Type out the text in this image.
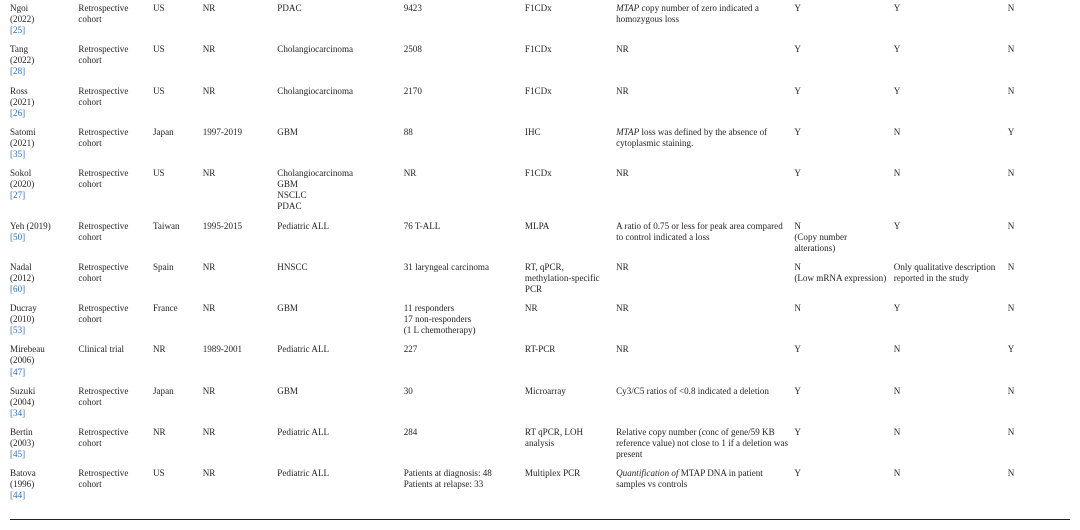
Ngoi
(2022)
[25]	Retrospective cohort	US	NR	PDAC	9423	F1CDx	MTAP copy number of zero indicated a homozygous loss	Y	Y	N

Tang
(2022)
[28]	Retrospective cohort	US	NR	Cholangiocarcinoma	2508	F1CDx	NR	Y	Y	N

Ross
(2021)
[26]	Retrospective cohort	US	NR	Cholangiocarcinoma	2170	F1CDx	NR	Y	Y	N

Satomi
(2021)
[35]	Retrospective cohort	Japan	1997-2019	GBM	88	IHC	MTAP loss was defined by the absence of cytoplasmic staining.	Y	N	Y

Sokol
(2020)
[27]	Retrospective cohort	US	NR	Cholangiocarcinoma
GBM
NSCLC
PDAC	NR	F1CDx	NR	Y	N	N

Yeh (2019)
[50]	Retrospective cohort	Taiwan	1995-2015	Pediatric ALL	76 T-ALL	MLPA	A ratio of 0.75 or less for peak area compared to control indicated a loss	N
(Copy number alterations)	Y	N

Nadal
(2012)
[60]	Retrospective cohort	Spain	NR	HNSCC	31 laryngeal carcinoma	RT, qPCR, methylation-specific PCR	NR	N
(Low mRNA expression)	Only qualitative description reported in the study	N

Ducray
(2010)
[53]	Retrospective cohort	France	NR	GBM	11 responders
17 non-responders
(1 L chemotherapy)	NR	NR	N	Y	N

Mirebeau
(2006)
[47]	Clinical trial	NR	1989-2001	Pediatric ALL	227	RT-PCR	NR	Y	N	Y

Suzuki
(2004)
[34]	Retrospective cohort	Japan	NR	GBM	30	Microarray	Cy3/C5 ratios of <0.8 indicated a deletion	Y	N	N

Bertin
(2003)
[45]	Retrospective cohort	NR	NR	Pediatric ALL	284	RT qPCR, LOH analysis	Relative copy number (conc of gene/59 KB reference value) not close to 1 if a deletion was present	Y	N	N

Batova
(1996)
[44]	Retrospective cohort	US	NR	Pediatric ALL	Patients at diagnosis: 48
Patients at relapse: 33	Multiplex PCR	Quantification of MTAP DNA in patient samples vs controls	Y	N	N
